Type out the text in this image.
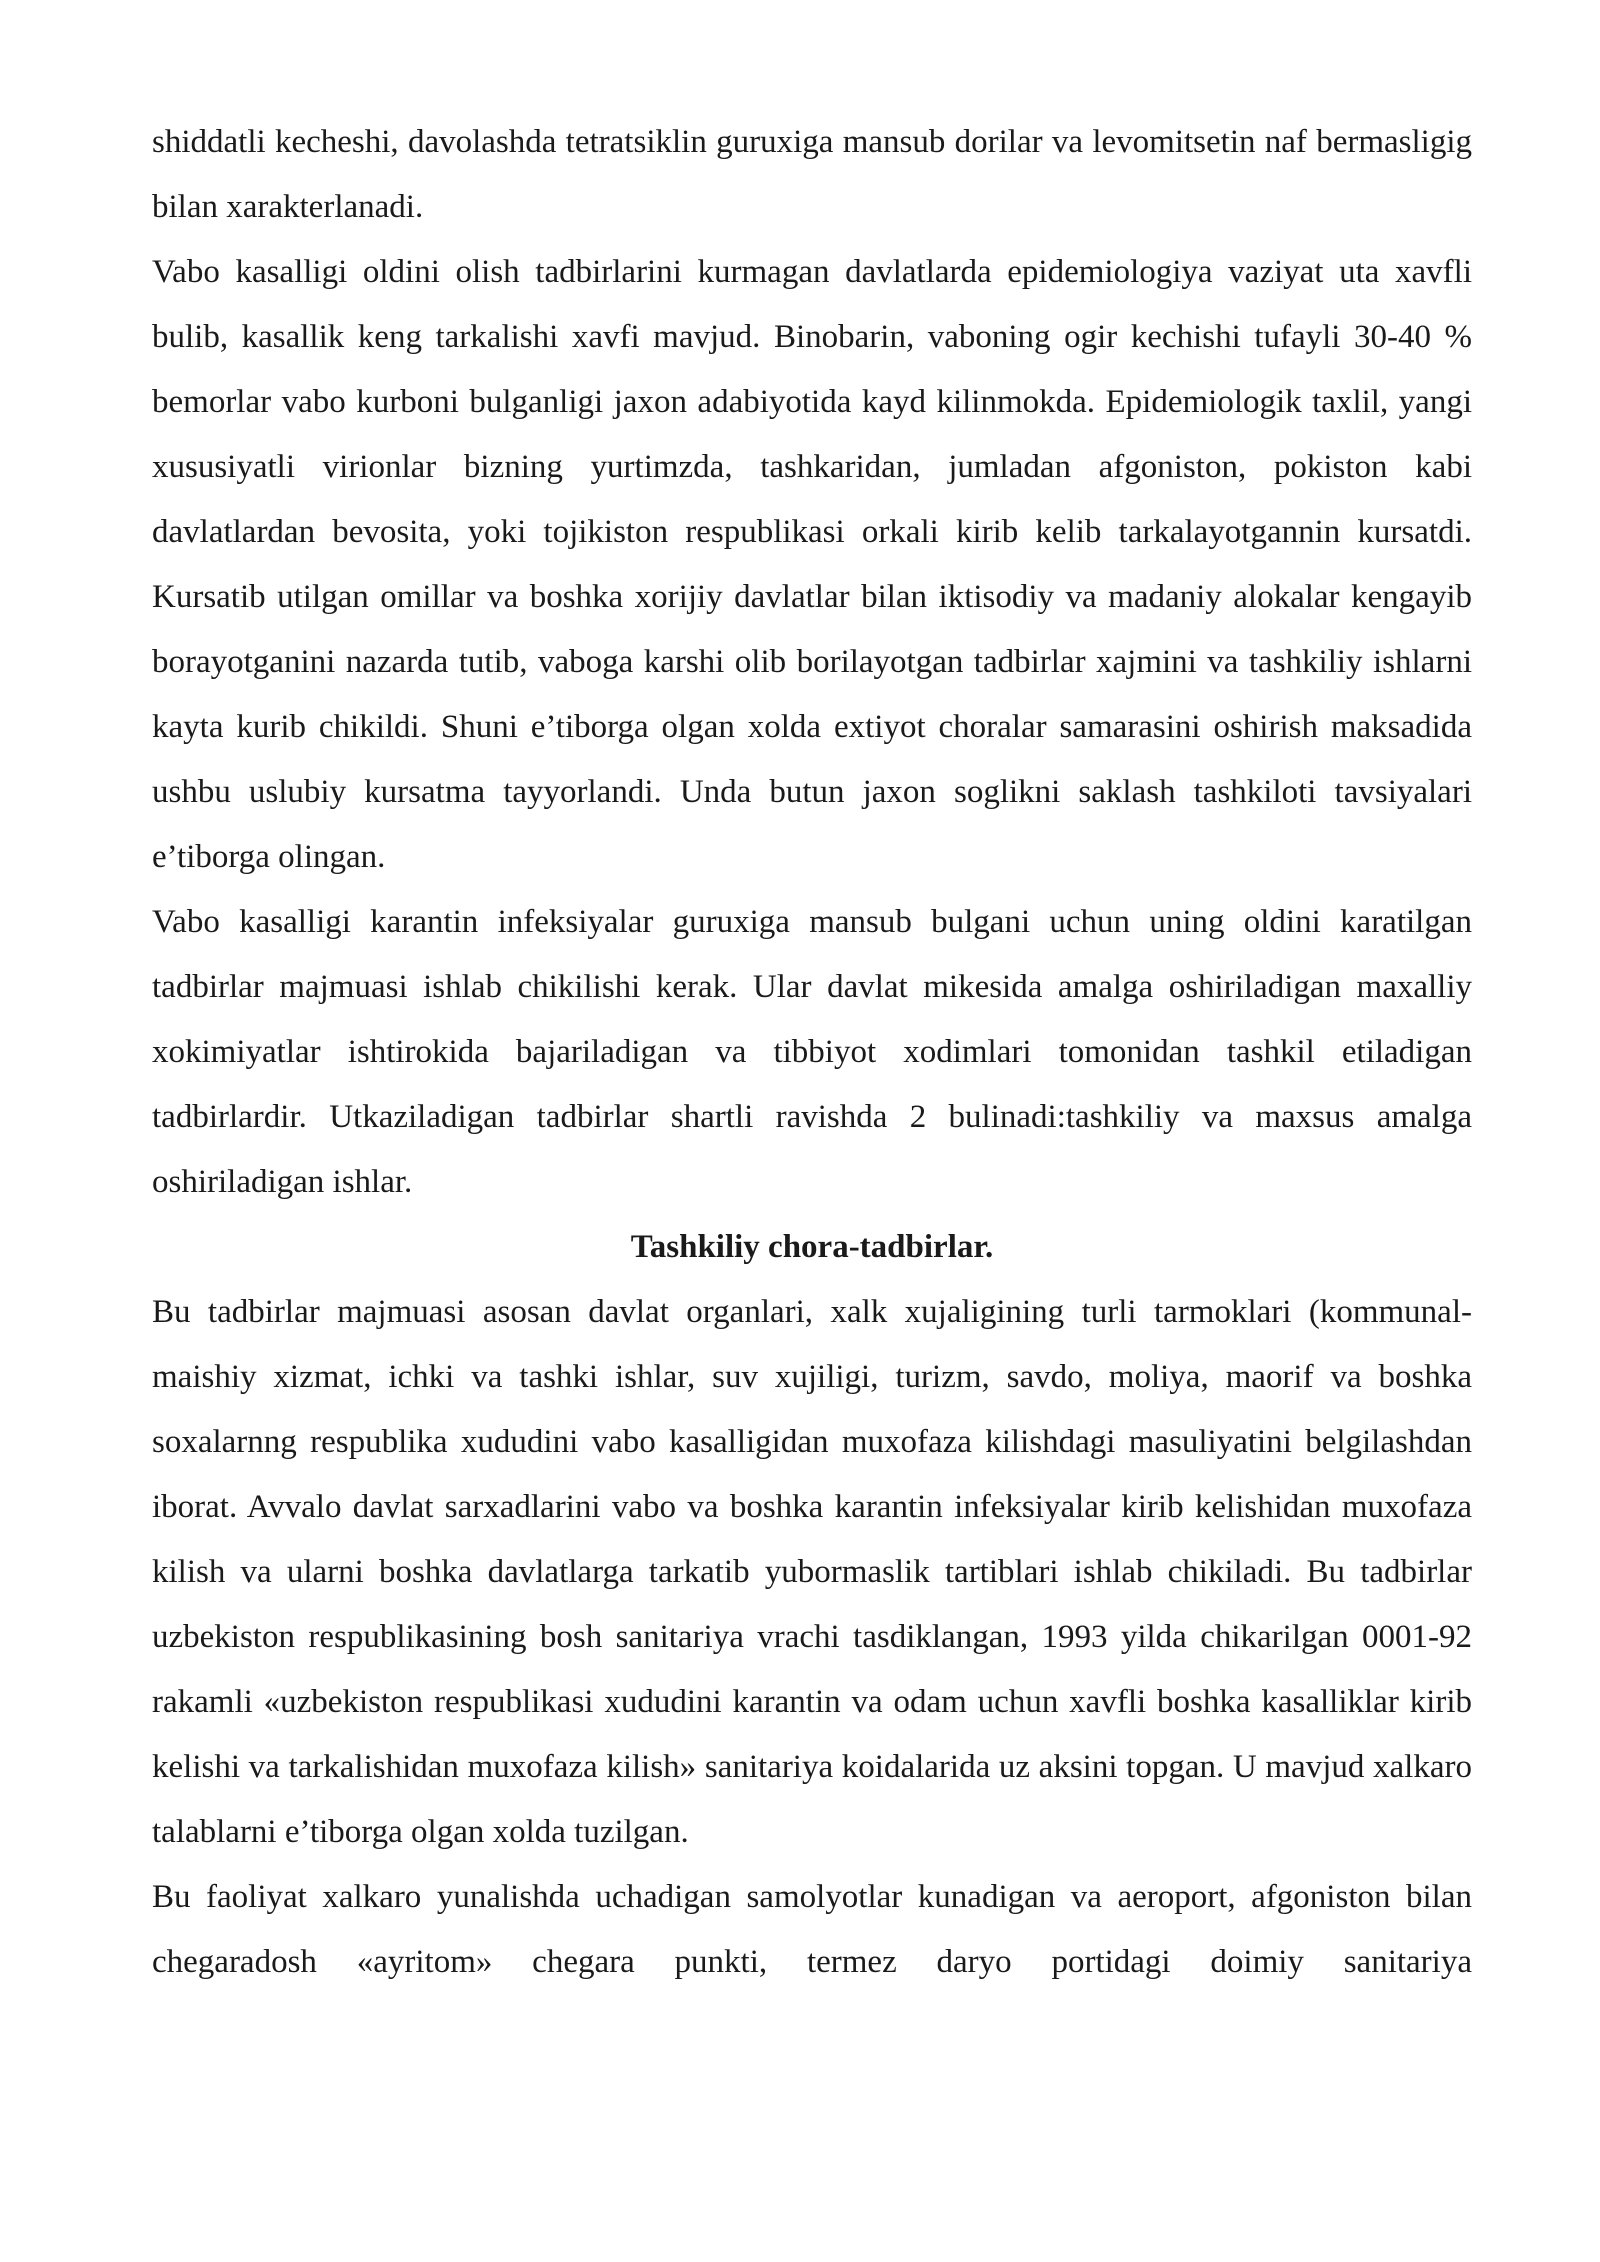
shiddatli kecheshi, davolashda tetratsiklin guruxiga mansub dorilar va levomitsetin naf bermasligig bilan xarakterlanadi.

Vabo kasalligi oldini olish tadbirlarini kurmagan davlatlarda epidemiologiya vaziyat uta xavfli bulib, kasallik keng tarkalishi xavfi mavjud. Binobarin, vaboning ogir kechishi tufayli 30-40 % bemorlar vabo kurboni bulganligi jaxon adabiyotida kayd kilinmokda. Epidemiologik taxlil, yangi xususiyatli virionlar bizning yurtimzda, tashkaridan, jumladan afgoniston, pokiston kabi davlatlardan bevosita, yoki tojikiston respublikasi orkali kirib kelib tarkalayotgannin kursatdi. Kursatib utilgan omillar va boshka xorijiy davlatlar bilan iktisodiy va madaniy alokalar kengayib borayotganini nazarda tutib, vaboga karshi olib borilayotgan tadbirlar xajmini va tashkiliy ishlarni kayta kurib chikildi. Shuni e’tiborga olgan xolda extiyot choralar samarasini oshirish maksadida ushbu uslubiy kursatma tayyorlandi. Unda butun jaxon soglikni saklash tashkiloti tavsiyalari e’tiborga olingan.

Vabo kasalligi karantin infeksiyalar guruxiga mansub bulgani uchun uning oldini karatilgan tadbirlar majmuasi ishlab chikilishi kerak. Ular davlat mikesida amalga oshiriladigan maxalliy xokimiyatlar ishtirokida bajariladigan va tibbiyot xodimlari tomonidan tashkil etiladigan tadbirlardir. Utkaziladigan tadbirlar shartli ravishda 2 bulinadi:tashkiliy va maxsus amalga oshiriladigan ishlar.

Tashkiliy chora-tadbirlar.

Bu tadbirlar majmuasi asosan davlat organlari, xalk xujaligining turli tarmoklari (kommunal-maishiy xizmat, ichki va tashki ishlar, suv xujiligi, turizm, savdo, moliya, maorif va boshka soxalarnng respublika xududini vabo kasalligidan muxofaza kilishdagi masuliyatini belgilashdan iborat. Avvalo davlat sarxadlarini vabo va boshka karantin infeksiyalar kirib kelishidan muxofaza kilish va ularni boshka davlatlarga tarkatib yubormaslik tartiblari ishlab chikiladi. Bu tadbirlar uzbekiston respublikasining bosh sanitariya vrachi tasdiklangan, 1993 yilda chikarilgan 0001-92 rakamli «uzbekiston respublikasi xududini karantin va odam uchun xavfli boshka kasalliklar kirib kelishi va tarkalishidan muxofaza kilish» sanitariya koidalarida uz aksini topgan. U mavjud xalkaro talablarni e’tiborga olgan xolda tuzilgan.

Bu faoliyat xalkaro yunalishda uchadigan samolyotlar kunadigan va aeroport, afgoniston bilan chegaradosh «ayritom» chegara punkti, termez daryo portidagi doimiy sanitariya
